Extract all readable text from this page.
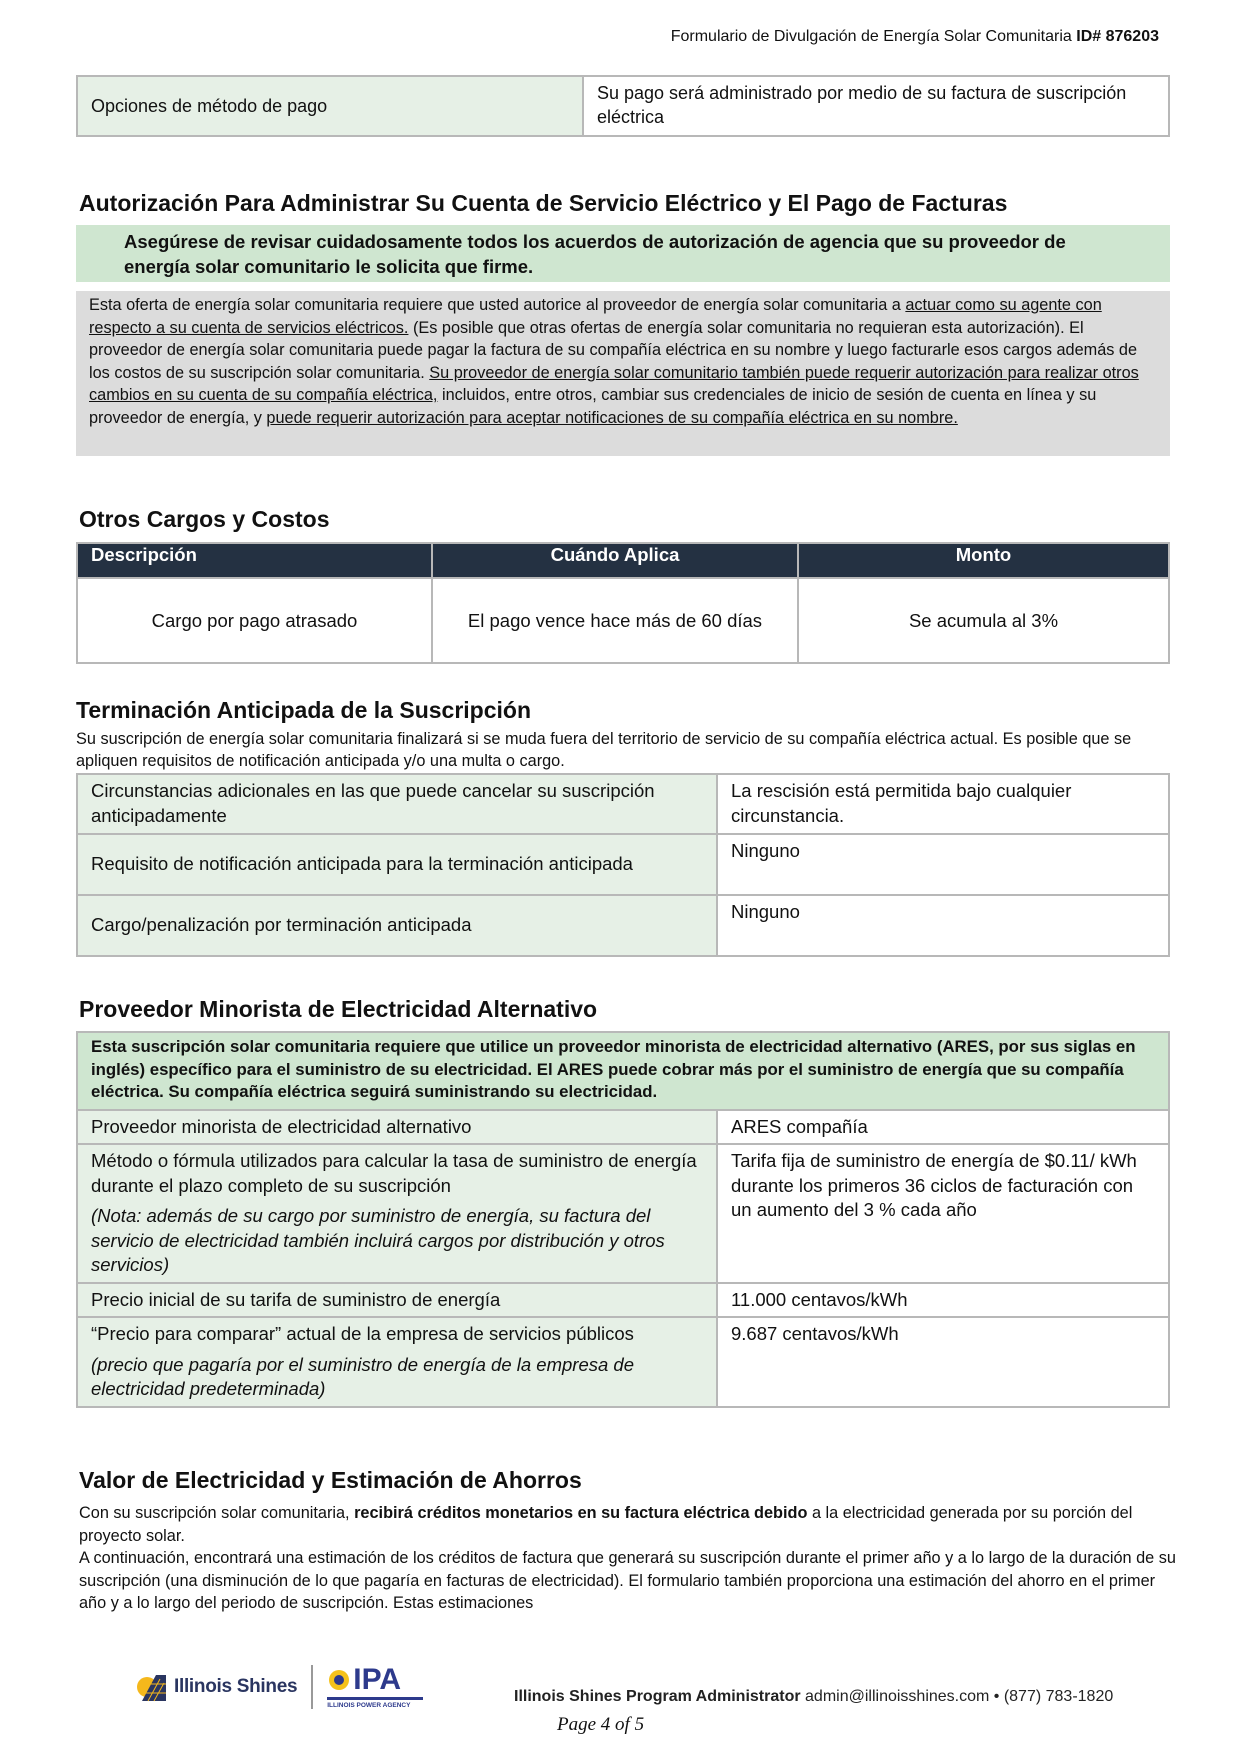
Formulario de Divulgación de Energía Solar Comunitaria ID# 876203
Opciones de método de pago	Su pago será administrado por medio de su factura de suscripción eléctrica
Autorización Para Administrar Su Cuenta de Servicio Eléctrico y El Pago de Facturas
Asegúrese de revisar cuidadosamente todos los acuerdos de autorización de agencia que su proveedor de energía solar comunitario le solicita que firme.
Esta oferta de energía solar comunitaria requiere que usted autorice al proveedor de energía solar comunitaria a actuar como su agente con respecto a su cuenta de servicios eléctricos. (Es posible que otras ofertas de energía solar comunitaria no requieran esta autorización). El proveedor de energía solar comunitaria puede pagar la factura de su compañía eléctrica en su nombre y luego facturarle esos cargos además de los costos de su suscripción solar comunitaria. Su proveedor de energía solar comunitario también puede requerir autorización para realizar otros cambios en su cuenta de su compañía eléctrica, incluidos, entre otros, cambiar sus credenciales de inicio de sesión de cuenta en línea y su proveedor de energía, y puede requerir autorización para aceptar notificaciones de su compañía eléctrica en su nombre.
Otros Cargos y Costos
Descripción	Cuándo Aplica	Monto
Cargo por pago atrasado	El pago vence hace más de 60 días	Se acumula al 3%
Terminación Anticipada de la Suscripción
Su suscripción de energía solar comunitaria finalizará si se muda fuera del territorio de servicio de su compañía eléctrica actual. Es posible que se apliquen requisitos de notificación anticipada y/o una multa o cargo.
Circunstancias adicionales en las que puede cancelar su suscripción anticipadamente	La rescisión está permitida bajo cualquier circunstancia.
Requisito de notificación anticipada para la terminación anticipada	Ninguno
Cargo/penalización por terminación anticipada	Ninguno
Proveedor Minorista de Electricidad Alternativo
Esta suscripción solar comunitaria requiere que utilice un proveedor minorista de electricidad alternativo (ARES, por sus siglas en inglés) específico para el suministro de su electricidad. El ARES puede cobrar más por el suministro de energía que su compañía eléctrica. Su compañía eléctrica seguirá suministrando su electricidad.	
Proveedor minorista de electricidad alternativo	ARES compañía
Método o fórmula utilizados para calcular la tasa de suministro de energía durante el plazo completo de su suscripción
(Nota: además de su cargo por suministro de energía, su factura del servicio de electricidad también incluirá cargos por distribución y otros servicios)	Tarifa fija de suministro de energía de $0.11/ kWh durante los primeros 36 ciclos de facturación con un aumento del 3 % cada año
Precio inicial de su tarifa de suministro de energía	11.000 centavos/kWh
“Precio para comparar” actual de la empresa de servicios públicos
(precio que pagaría por el suministro de energía de la empresa de electricidad predeterminada)	9.687 centavos/kWh
Valor de Electricidad y Estimación de Ahorros
Con su suscripción solar comunitaria, recibirá créditos monetarios en su factura eléctrica debido a la electricidad generada por su porción del proyecto solar.
A continuación, encontrará una estimación de los créditos de factura que generará su suscripción durante el primer año y a lo largo de la duración de su suscripción (una disminución de lo que pagaría en facturas de electricidad). El formulario también proporciona una estimación del ahorro en el primer año y a lo largo del periodo de suscripción. Estas estimaciones
Illinois Shines IPA
ILLINOIS POWER AGENCY
Illinois Shines Program Administrator admin@illinoisshines.com • (877) 783-1820
Page 4 of 5
